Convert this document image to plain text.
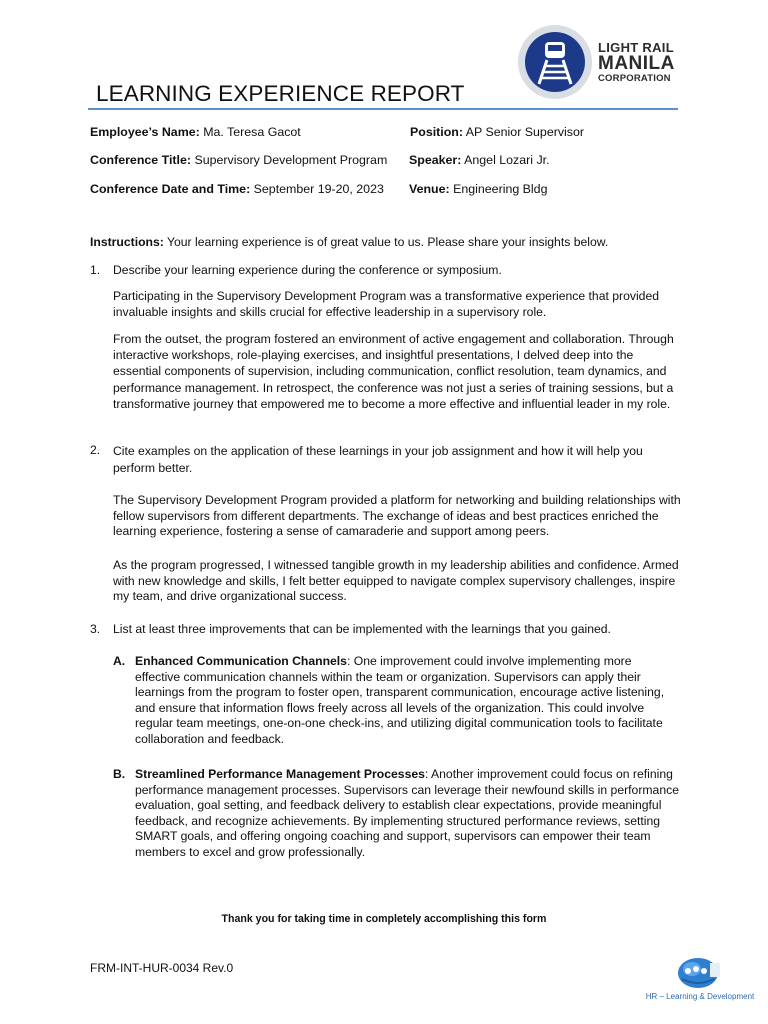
LIGHT RAIL
MANILA
CORPORATION
LEARNING EXPERIENCE REPORT
Employee’s Name: Ma. Teresa Gacot	Position: AP Senior Supervisor
Conference Title: Supervisory Development Program Speaker: Angel Lozari Jr.
Conference Date and Time: September 19-20, 2023 Venue: Engineering Bldg
Instructions: Your learning experience is of great value to us. Please share your insights below.
1. Describe your learning experience during the conference or symposium.
Participating in the Supervisory Development Program was a transformative experience that provided invaluable insights and skills crucial for effective leadership in a supervisory role.
From the outset, the program fostered an environment of active engagement and collaboration. Through interactive workshops, role-playing exercises, and insightful presentations, I delved deep into the essential components of supervision, including communication, conflict resolution, team dynamics, and performance management. In retrospect, the conference was not just a series of training sessions, but a transformative journey that empowered me to become a more effective and influential leader in my role.
2. Cite examples on the application of these learnings in your job assignment and how it will help you perform better.
The Supervisory Development Program provided a platform for networking and building relationships with fellow supervisors from different departments. The exchange of ideas and best practices enriched the learning experience, fostering a sense of camaraderie and support among peers.
As the program progressed, I witnessed tangible growth in my leadership abilities and confidence. Armed with new knowledge and skills, I felt better equipped to navigate complex supervisory challenges, inspire my team, and drive organizational success.
3. List at least three improvements that can be implemented with the learnings that you gained.
A. Enhanced Communication Channels: One improvement could involve implementing more effective communication channels within the team or organization. Supervisors can apply their learnings from the program to foster open, transparent communication, encourage active listening, and ensure that information flows freely across all levels of the organization. This could involve regular team meetings, one-on-one check-ins, and utilizing digital communication tools to facilitate collaboration and feedback.
B. Streamlined Performance Management Processes: Another improvement could focus on refining performance management processes. Supervisors can leverage their newfound skills in performance evaluation, goal setting, and feedback delivery to establish clear expectations, provide meaningful feedback, and recognize achievements. By implementing structured performance reviews, setting SMART goals, and offering ongoing coaching and support, supervisors can empower their team members to excel and grow professionally.
Thank you for taking time in completely accomplishing this form
FRM-INT-HUR-0034 Rev.0
HR – Learning & Development
